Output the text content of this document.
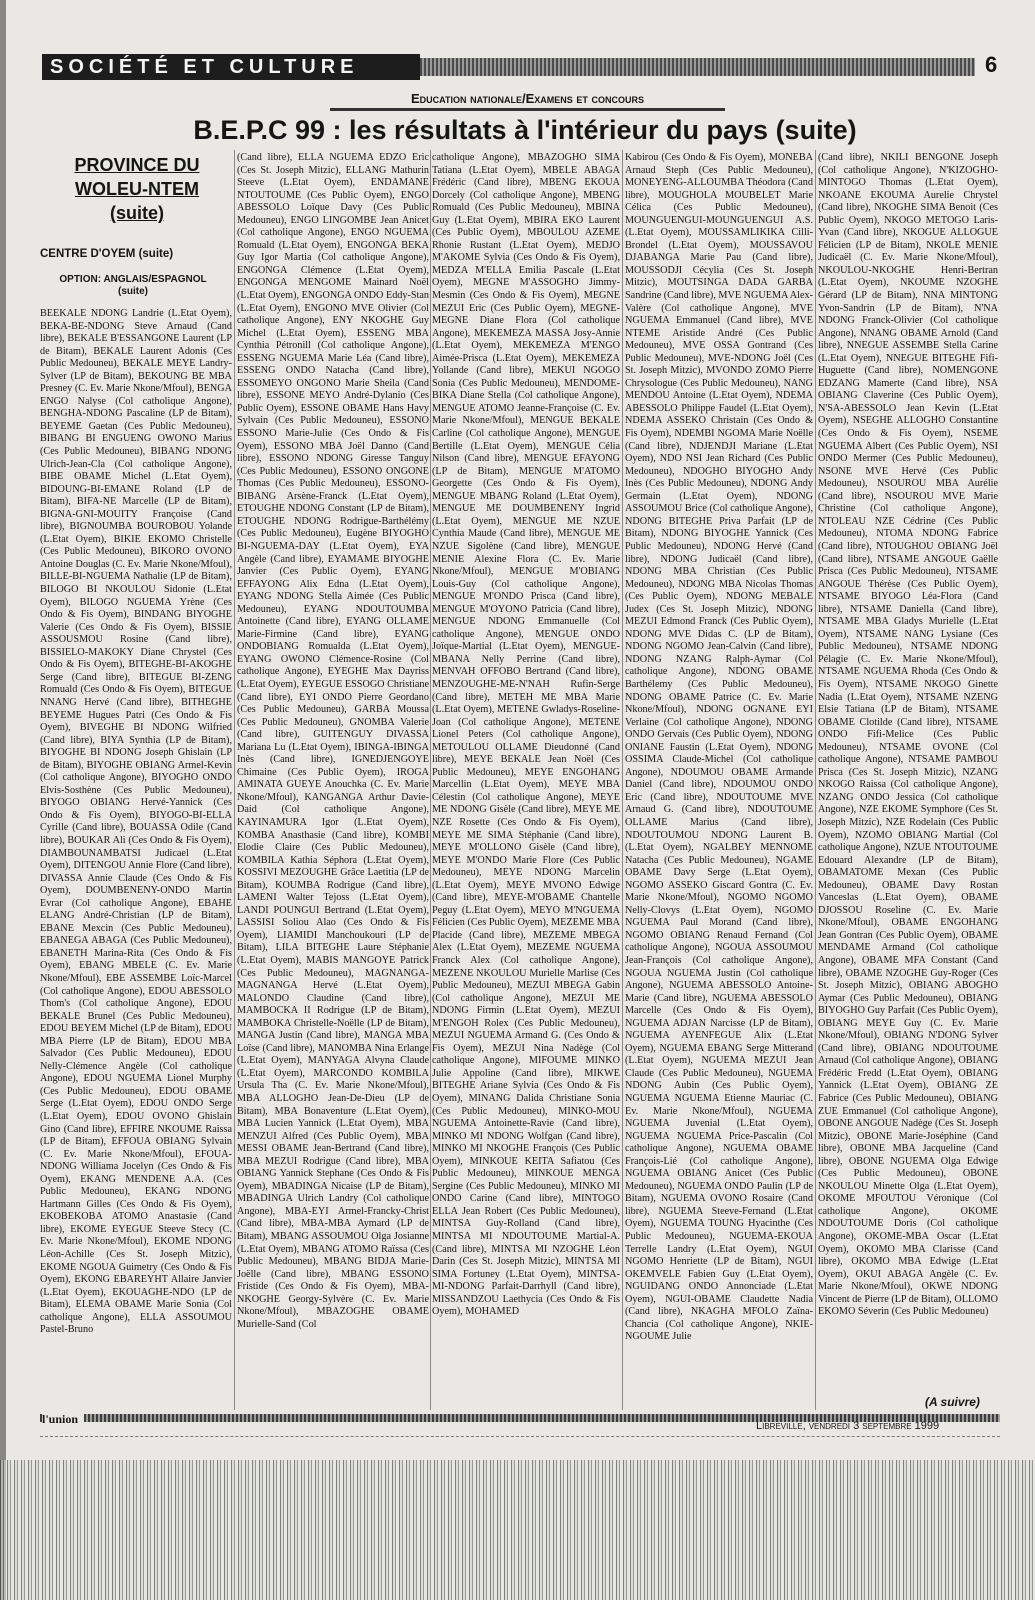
SOCIÉTÉ ET CULTURE	6
Education nationale/Examens et concours
B.E.P.C 99 : les résultats à l'intérieur du pays (suite)
PROVINCE DU WOLEU-NTEM (suite)
CENTRE D'OYEM (suite)
OPTION: ANGLAIS/ESPAGNOL (suite)
BEEKALE NDONG Landrie (L.Etat Oyem), BEKA-BE-NDONG Steve Arnaud (Cand libre), BEKALE B'ESSANGONE Laurent (LP de Bitam), BEKALE Laurent Adonis (Ces Public Medouneu), BEKALE MEYE Landry-Sylver (LP de Bitam), BEKOUNG BE MBA Presney (C. Ev. Marie Nkone/Mfoul), BENGA ENGO Nalyse (Col catholique Angone), BENGHA-NDONG Pascaline (LP de Bitam), BEYEME Gaetan (Ces Public Medouneu), BIBANG BI ENGUENG OWONO Marius (Ces Public Medouneu), BIBANG NDONG Ulrich-Jean-Cla (Col catholique Angone), BIBE OBAME Michel (L.Etat Oyem), BIDOUNG-BI-EMANE Roland (LP de Bitam), BIFA-NE Marcelle (LP de Bitam), BIGNA-GNI-MOUITY Françoise (Cand libre), BIGNOUMBA BOUROBOU Yolande (L.Etat Oyem), BIKIE EKOMO Christelle (Ces Public Medouneu), BIKORO OVONO Antoine Douglas (C. Ev. Marie Nkone/Mfoul), BILLE-BI-NGUEMA Nathalie (LP de Bitam), BILOGO BI NKOULOU Sidonie (L.Etat Oyem), BILOGO NGUEMA Yrène (Ces Ondo & Fis Oyem), BINDANG BIYOGHE Valerie (Ces Ondo & Fis Oyem), BISSIE ASSOUSMOU Rosine (Cand libre), BISSIELO-MAKOKY Diane Chrystel (Ces Ondo & Fis Oyem), BITEGHE-BI-AKOGHE Serge (Cand libre), BITEGUE BI-ZENG Romuald (Ces Ondo & Fis Oyem), BITEGUE NNANG Hervé (Cand libre), BITHEGHE BEYEME Hugues Patri (Ces Ondo & Fis Oyem), BIVEGHE BI NDONG Wilfried (Cand libre), BIYA Synthia (LP de Bitam), BIYOGHE BI NDONG Joseph Ghislain (LP de Bitam), BIYOGHE OBIANG Armel-Kevin (Col catholique Angone), BIYOGHO ONDO Elvis-Sosthène (Ces Public Medouneu), BIYOGO OBIANG Hervé-Yannick (Ces Ondo & Fis Oyem), BIYOGO-BI-ELLA Cyrille (Cand libre), BOUASSA Odile (Cand libre), BOUKAR Ali (Ces Ondo & Fis Oyem), DIAMBOUNAMBATSI Judicael (L.Etat Oyem), DITENGOU Annie Flore (Cand libre), DIVASSA Annie Claude (Ces Ondo & Fis Oyem), DOUMBENENY-ONDO Martin Evrar (Col catholique Angone), EBAHE ELANG André-Christian (LP de Bitam), EBANE Mexcin (Ces Public Medouneu), EBANEGA ABAGA (Ces Public Medouneu), EBANETH Marina-Rita (Ces Ondo & Fis Oyem), EBANG MBELE (C. Ev. Marie Nkone/Mfoul), EBE ASSEMBE Loïc-Marcel (Col catholique Angone), EDOU ABESSOLO Thom's (Col catholique Angone), EDOU BEKALE Brunel (Ces Public Medouneu), EDOU BEYEM Michel (LP de Bitam), EDOU MBA Pierre (LP de Bitam), EDOU MBA Salvador (Ces Public Medouneu), EDOU Nelly-Clémence Angèle (Col catholique Angone), EDOU NGUEMA Lionel Murphy (Ces Public Medouneu), EDOU OBAME Serge (L.Etat Oyem), EDOU ONDO Serge (L.Etat Oyem), EDOU OVONO Ghislain Gino (Cand libre), EFFIRE NKOUME Raissa (LP de Bitam), EFFOUA OBIANG Sylvain (C. Ev. Marie Nkone/Mfoul), EFOUA-NDONG Williama Jocelyn (Ces Ondo & Fis Oyem), EKANG MENDENE A.A. (Ces Public Medouneu), EKANG NDONG Hartmann Gilles (Ces Ondo & Fis Oyem), EKOBEKOBA ATOMO Anastasie (Cand libre), EKOME EYEGUE Steeve Stecy (C. Ev. Marie Nkone/Mfoul), EKOME NDONG Léon-Achille (Ces St. Joseph Mitzic), EKOME NGOUA Guimetry (Ces Ondo & Fis Oyem), EKONG EBAREYHT Allaire Janvier (L.Etat Oyem), EKOUAGHE-NDO (LP de Bitam), ELEMA OBAME Marie Sonia (Col catholique Angone), ELLA ASSOUMOU Pastel-Bruno
(Cand libre), ELLA NGUEMA EDZO Eric (Ces St. Joseph Mitzic), ELLANG Mathurin Steeve (L.Etat Oyem), ENDAMANE NTOUTOUME (Ces Public Oyem), ENGO ABESSOLO Loïque Davy (Ces Public Medouneu), ENGO LINGOMBE Jean Anicet (Col catholique Angone), ENGO NGUEMA Romuald (L.Etat Oyem), ENGONGA BEKA Guy Igor Martia (Col catholique Angone), ENGONGA Clémence (L.Etat Oyem), ENGONGA MENGOME Mainard Noël (L.Etat Oyem), ENGONGA ONDO Eddy-Stan (L.Etat Oyem), ENGONO MVE Olivier (Col catholique Angone), ENY NKOGHE Guy Michel (L.Etat Oyem), ESSENG MBA Cynthia Pétronill (Col catholique Angone), ESSENG NGUEMA Marie Léa (Cand libre), ESSENG ONDO Natacha (Cand libre), ESSOMEYO ONGONO Marie Sheila (Cand libre), ESSONE MEYO André-Dylanio (Ces Public Oyem), ESSONE OBAME Hans Havy Sylvain (Ces Public Medouneu), ESSONO ESSONO Marie-Julie (Ces Ondo & Fis Oyem), ESSONO MBA Joël Danno (Cand libre), ESSONO NDONG Giresse Tanguy (Ces Public Medouneu), ESSONO ONGONE Thomas (Ces Public Medouneu), ESSONO-BIBANG Arsène-Franck (L.Etat Oyem), ETOUGHE NDONG Constant (LP de Bitam), ETOUGHE NDONG Rodrigue-Barthélémy (Ces Public Medouneu), Eugène BIYOGHO BI-NGUEMA-DAY (L.Etat Oyem), EYA Angèle (Cand libre), EYAMAME BIYOGHE Janvier (Ces Public Oyem), EYANG EFFAYONG Alix Edna (L.Etat Oyem), EYANG NDONG Stella Aimée (Ces Public Medouneu), EYANG NDOUTOUMBA Antoinette (Cand libre), EYANG OLLAME Marie-Firmine (Cand libre), EYANG ONDOBIANG Romualda (L.Etat Oyem), EYANG OWONO Clémence-Rosine (Col catholique Angone), EYEGHE Max Dayriss (L.Etat Oyem), EYEGUE ESSOGO Christiane (Cand libre), EYI ONDO Pierre Geordano (Ces Public Medouneu), GARBA Moussa (Ces Public Medouneu), GNOMBA Valerie (Cand libre), GUITENGUY DIVASSA Mariana Lu (L.Etat Oyem), IBINGA-IBINGA Inès (Cand libre), IGNEDJENGOYE Chimaine (Ces Public Oyem), IROGA AMINATA GUEYE Anouchka (C. Ev. Marie Nkone/Mfoul), KANGANGA Arthur Davie-Daid (Col catholique Angone), KAYINAMURA Igor (L.Etat Oyem), KOMBA Anasthasie (Cand libre), KOMBI Elodie Claire (Ces Public Medouneu), KOMBILA Kathia Séphora (L.Etat Oyem), KOSSIVI MEZOUGHE Grâce Laetitia (LP de Bitam), KOUMBA Rodrigue (Cand libre), LAMENI Walter Tejoss (L.Etat Oyem), LANDI POUNGUI Bertrand (L.Etat Oyem), LASSISI Soliou Alao (Ces Ondo & Fis Oyem), LIAMIDI Manchoukouri (LP de Bitam), LILA BITEGHE Laure Stéphanie (L.Etat Oyem), MABIS MANGOYE Patrick (Ces Public Medouneu), MAGNANGA-MAGNANGA Hervé (L.Etat Oyem), MALONDO Claudine (Cand libre), MAMBOCKA II Rodrigue (LP de Bitam), MAMBOKA Christelle-Noëlle (LP de Bitam), MANGA Justin (Cand libre), MANGA MBA Loïse (Cand libre), MANOMBA Nina Erlange (L.Etat Oyem), MANYAGA Alvyna Claude (L.Etat Oyem), MARCONDO KOMBILA Ursula Tha (C. Ev. Marie Nkone/Mfoul), MBA ALLOGHO Jean-De-Dieu (LP de Bitam), MBA Bonaventure (L.Etat Oyem), MBA Lucien Yannick (L.Etat Oyem), MBA MENZUI Alfred (Ces Public Oyem), MBA MESSI OBAME Jean-Bertrand (Cand libre), MBA MEZUI Rodrigue (Cand libre), MBA OBIANG Yannick Stephane (Ces Ondo & Fis Oyem), MBADINGA Nicaise (LP de Bitam), MBADINGA Ulrich Landry (Col catholique Angone), MBA-EYI Armel-Francky-Christ (Cand libre), MBA-MBA Aymard (LP de Bitam), MBANG ASSOUMOU Olga Josianne (L.Etat Oyem), MBANG ATOMO Raïssa (Ces Public Medouneu), MBANG BIDJA Marie-Joëlle (Cand libre), MBANG ESSONO Fristide (Ces Ondo & Fis Oyem), MBA-NKOGHE Georgy-Sylvère (C. Ev. Marie Nkone/Mfoul), MBAZOGHE OBAME Murielle-Sand (Col
catholique Angone), MBAZOGHO SIMA Tatiana (L.Etat Oyem), MBELE ABAGA Frédéric (Cand libre), MBENG EKOUA Dorcely (Col catholique Angone), MBENG Romuald (Ces Public Medouneu), MBINA Guy (L.Etat Oyem), MBIRA EKO Laurent (Ces Public Oyem), MBOULOU AZEME Rhonie Rustant (L.Etat Oyem), MEDJO M'AKOME Sylvia (Ces Ondo & Fis Oyem), MEDZA M'ELLA Emilia Pascale (L.Etat Oyem), MEGNE M'ASSOGHO Jimmy-Mesmin (Ces Ondo & Fis Oyem), MEGNE MEZUI Eric (Ces Public Oyem), MEGNE-MEGNE Diane Flora (Col catholique Angone), MEKEMEZA MASSA Josy-Annie (L.Etat Oyem), MEKEMEZA M'ENGO Aimée-Prisca (L.Etat Oyem), MEKEMEZA Yollande (Cand libre), MEKUI NGOGO Sonia (Ces Public Medouneu), MENDOME-BIKA Diane Stella (Col catholique Angone), MENGUE ATOMO Jeanne-Françoise (C. Ev. Marie Nkone/Mfoul), MENGUE BEKALE Carline (Col catholique Angone), MENGUE Bertille (L.Etat Oyem), MENGUE Célia Nilson (Cand libre), MENGUE EFAYONG (LP de Bitam), MENGUE M'ATOMO Georgette (Ces Ondo & Fis Oyem), MENGUE MBANG Roland (L.Etat Oyem), MENGUE ME DOUMBENENY Ingrid (L.Etat Oyem), MENGUE ME NZUE Cynthia Maude (Cand libre), MENGUE ME NZUE Sigolène (Cand libre), MENGUE MENIE Alexine Flora (C. Ev. Marie Nkone/Mfoul), MENGUE M'OBIANG Louis-Guy (Col catholique Angone), MENGUE M'ONDO Prisca (Cand libre), MENGUE M'OYONO Patricia (Cand libre), MENGUE NDONG Emmanuelle (Col catholique Angone), MENGUE ONDO Joïque-Martial (L.Etat Oyem), MENGUE-MBANA Nelly Perrine (Cand libre), MENVAH OFFOBO Bertrand (Cand libre), MENZOUGHE-ME-N'NAH Rufin-Serge (Cand libre), METEH ME MBA Marie (L.Etat Oyem), METENE Gwladys-Roseline-Joan (Col catholique Angone), METENE Lionel Peters (Col catholique Angone), METOULOU OLLAME Dieudonné (Cand libre), MEYE BEKALE Jean Noël (Ces Public Medouneu), MEYE ENGOHANG Marcellin (L.Etat Oyem), MEYE MBA Célestin (Col catholique Angone), MEYE ME NDONG Gisèle (Cand libre), MEYE ME NZE Rosette (Ces Ondo & Fis Oyem), MEYE ME SIMA Stéphanie (Cand libre), MEYE M'OLLONO Gisèle (Cand libre), MEYE M'ONDO Marie Flore (Ces Public Medouneu), MEYE NDONG Marcelin (L.Etat Oyem), MEYE MVONO Edwige (Cand libre), MEYE-M'OBAME Chantelle Peguy (L.Etat Oyem), MEYO M'NGUEMA Félicien (Ces Public Oyem), MEZEME MBA Placide (Cand libre), MEZEME MBEGA Alex (L.Etat Oyem), MEZEME NGUEMA Franck Alex (Col catholique Angone), MEZENE NKOULOU Murielle Marlise (Ces Public Medouneu), MEZUI MBEGA Gabin (Col catholique Angone), MEZUI ME NDONG Firmin (L.Etat Oyem), MEZUI M'ENGOH Rolex (Ces Public Medouneu), MEZUI NGUEMA Armand G. (Ces Ondo & Fis Oyem), MEZUI Nina Nadège (Col catholique Angone), MIFOUME MINKO Julie Appoline (Cand libre), MIKWE BITEGHE Ariane Sylvia (Ces Ondo & Fis Oyem), MINANG Dalida Christiane Sonia (Ces Public Medouneu), MINKO-MOU NGUEMA Antoinette-Ravie (Cand libre), MINKO MI NDONG Wolfgan (Cand libre), MINKO MI NKOGHE François (Ces Public Oyem), MINKOUE KEITA Safiatou (Ces Public Medouneu), MINKOUE MENGA Sergine (Ces Public Medouneu), MINKO MI ONDO Carine (Cand libre), MINTOGO ELLA Jean Robert (Ces Public Medouneu), MINTSA Guy-Rolland (Cand libre), MINTSA MI NDOUTOUME Martial-A. (Cand libre), MINTSA MI NZOGHE Léon Darin (Ces St. Joseph Mitzic), MINTSA MI SIMA Fortuney (L.Etat Oyem), MINTSA-MI-NDONG Parfait-Darrhyll (Cand libre), MISSANDZOU Laethycia (Ces Ondo & Fis Oyem), MOHAMED
Kabirou (Ces Ondo & Fis Oyem), MONEBA Arnaud Steph (Ces Public Medouneu), MONEYENG-ALLOUMBA Théodora (Cand libre), MOUGHOLA MOUBELET Marie Célica (Ces Public Medouneu), MOUNGUENGUI-MOUNGUENGUI A.S. (L.Etat Oyem), MOUSSAMLIKIKA Cilli-Brondel (L.Etat Oyem), MOUSSAVOU DJABANGA Marie Pau (Cand libre), MOUSSODJI Cécylia (Ces St. Joseph Mitzic), MOUTSINGA DADA GARBA Sandrine (Cand libre), MVE NGUEMA Alex-Valère (Col catholique Angone), MVE NGUEMA Emmanuel (Cand libre), MVE NTEME Aristide André (Ces Public Medouneu), MVE OSSA Gontrand (Ces Public Medouneu), MVE-NDONG Joël (Ces St. Joseph Mitzic), MVONDO ZOMO Pierre Chrysologue (Ces Public Medouneu), NANG MENDOU Antoine (L.Etat Oyem), NDEMA ABESSOLO Philippe Faudel (L.Etat Oyem), NDEMA ASSEKO Christain (Ces Ondo & Fis Oyem), NDEMBI NGOMA Marie Noëlle (Cand libre), NDJENDJI Mariane (L.Etat Oyem), NDO NSI Jean Richard (Ces Public Medouneu), NDOGHO BIYOGHO Andy Inès (Ces Public Medouneu), NDONG Andy Germain (L.Etat Oyem), NDONG ASSOUMOU Brice (Col catholique Angone), NDONG BITEGHE Priva Parfait (LP de Bitam), NDONG BIYOGHE Yannick (Ces Public Medouneu), NDONG Hervé (Cand libre), NDONG Judicaël (Cand libre), NDONG MBA Christian (Ces Public Medouneu), NDONG MBA Nicolas Thomas (Ces Public Oyem), NDONG MEBALE Judex (Ces St. Joseph Mitzic), NDONG MEZUI Edmond Franck (Ces Public Oyem), NDONG MVE Didas C. (LP de Bitam), NDONG NGOMO Jean-Calvin (Cand libre), NDONG NZANG Ralph-Aymar (Col catholique Angone), NDONG OBAME Barthélemy (Ces Public Medouneu), NDONG OBAME Patrice (C. Ev. Marie Nkone/Mfoul), NDONG OGNANE EYI Verlaine (Col catholique Angone), NDONG ONDO Gervais (Ces Public Oyem), NDONG ONIANE Faustin (L.Etat Oyem), NDONG OSSIMA Claude-Michel (Col catholique Angone), NDOUMOU OBAME Armande Daniel (Cand libre), NDOUMOU ONDO Eric (Cand libre), NDOUTOUME MVE Arnaud G. (Cand libre), NDOUTOUME OLLAME Marius (Cand libre), NDOUTOUMOU NDONG Laurent B. (L.Etat Oyem), NGALBEY MENNOME Natacha (Ces Public Medouneu), NGAME OBAME Davy Serge (L.Etat Oyem), NGOMO ASSEKO Giscard Gontra (C. Ev. Marie Nkone/Mfoul), NGOMO NGOMO Nelly-Clovys (L.Etat Oyem), NGOMO NGUEMA Paul Morand (Cand libre), NGOMO OBIANG Renaud Fernand (Col catholique Angone), NGOUA ASSOUMOU Jean-François (Col catholique Angone), NGOUA NGUEMA Justin (Col catholique Angone), NGUEMA ABESSOLO Antoine-Marie (Cand libre), NGUEMA ABESSOLO Marcelle (Ces Ondo & Fis Oyem), NGUEMA ADJAN Narcisse (LP de Bitam), NGUEMA AYENFEGUE Alix (L.Etat Oyem), NGUEMA EBANG Serge Mitterand (L.Etat Oyem), NGUEMA MEZUI Jean Claude (Ces Public Medouneu), NGUEMA NDONG Aubin (Ces Public Oyem), NGUEMA NGUEMA Etienne Mauriac (C. Ev. Marie Nkone/Mfoul), NGUEMA NGUEMA Juvenial (L.Etat Oyem), NGUEMA NGUEMA Price-Pascalin (Col catholique Angone), NGUEMA OBAME François-Lié (Col catholique Angone), NGUEMA OBIANG Anicet (Ces Public Medouneu), NGUEMA ONDO Paulin (LP de Bitam), NGUEMA OVONO Rosaire (Cand libre), NGUEMA Steeve-Fernand (L.Etat Oyem), NGUEMA TOUNG Hyacinthe (Ces Public Medouneu), NGUEMA-EKOUA Terrelle Landry (L.Etat Oyem), NGUI NGOMO Henriette (LP de Bitam), NGUI OKEMVELE Fabien Guy (L.Etat Oyem), NGUIDANG ONDO Annonciade (L.Etat Oyem), NGUI-OBAME Claudette Nadia (Cand libre), NKAGHA MFOLO Zaïna-Chancia (Col catholique Angone), NKIE-NGOUME Julie
(Cand libre), NKILI BENGONE Joseph (Col catholique Angone), N'KIZOGHO-MINTOGO Thomas (L.Etat Oyem), NKOANE EKOUMA Aurelie Chrystel (Cand libre), NKOGHE SIMA Benoit (Ces Public Oyem), NKOGO METOGO Laris-Yvan (Cand libre), NKOGUE ALLOGUE Félicien (LP de Bitam), NKOLE MENIE Judicaël (C. Ev. Marie Nkone/Mfoul), NKOULOU-NKOGHE Henri-Bertran (L.Etat Oyem), NKOUME NZOGHE Gérard (LP de Bitam), NNA MINTONG Yvon-Sandrin (LP de Bitam), N'NA NDONG Franck-Olivier (Col catholique Angone), NNANG OBAME Arnold (Cand libre), NNEGUE ASSEMBE Stella Carine (L.Etat Oyem), NNEGUE BITEGHE Fifi-Huguette (Cand libre), NOMENGONE EDZANG Mamerte (Cand libre), NSA OBIANG Claverine (Ces Public Oyem), N'SA-ABESSOLO Jean Kevin (L.Etat Oyem), NSEGHE ALLOGHO Constantine (Ces Ondo & Fis Oyem), NSEME NGUEMA Albert (Ces Public Oyem), NSI ONDO Mermer (Ces Public Medouneu), NSONE MVE Hervé (Ces Public Medouneu), NSOUROU MBA Aurélie (Cand libre), NSOUROU MVE Marie Christine (Col catholique Angone), NTOLEAU NZE Cédrine (Ces Public Medouneu), NTOMA NDONG Fabrice (Cand libre), NTOUGHOU OBIANG Joël (Cand libre), NTSAME ANGOUE Gaëlle Prisca (Ces Public Medouneu), NTSAME ANGOUE Thérèse (Ces Public Oyem), NTSAME BIYOGO Léa-Flora (Cand libre), NTSAME Daniella (Cand libre), NTSAME MBA Gladys Murielle (L.Etat Oyem), NTSAME NANG Lysiane (Ces Public Medouneu), NTSAME NDONG Pélagie (C. Ev. Marie Nkone/Mfoul), NTSAME NGUEMA Rhoda (Ces Ondo & Fis Oyem), NTSAME NKOGO Ginette Nadia (L.Etat Oyem), NTSAME NZENG Elsie Tatiana (LP de Bitam), NTSAME OBAME Clotilde (Cand libre), NTSAME ONDO Fifi-Melice (Ces Public Medouneu), NTSAME OVONE (Col catholique Angone), NTSAME PAMBOU Prisca (Ces St. Joseph Mitzic), NZANG NKOGO Raissa (Col catholique Angone), NZANG ONDO Jessica (Col catholique Angone), NZE EKOME Symphore (Ces St. Joseph Mitzic), NZE Rodelain (Ces Public Oyem), NZOMO OBIANG Martial (Col catholique Angone), NZUE NTOUTOUME Edouard Alexandre (LP de Bitam), OBAMATOME Mexan (Ces Public Medouneu), OBAME Davy Rostan Vanceslas (L.Etat Oyem), OBAME DJOSSOU Roseline (C. Ev. Marie Nkone/Mfoul), OBAME ENGOHANG Jean Gontran (Ces Public Oyem), OBAME MENDAME Armand (Col catholique Angone), OBAME MFA Constant (Cand libre), OBAME NZOGHE Guy-Roger (Ces St. Joseph Mitzic), OBIANG ABOGHO Aymar (Ces Public Medouneu), OBIANG BIYOGHO Guy Parfait (Ces Public Oyem), OBIANG MEYE Guy (C. Ev. Marie Nkone/Mfoul), OBIANG N'DONG Sylver (Cand libre), OBIANG NDOUTOUME Arnaud (Col catholique Angone), OBIANG Frédéric Fredd (L.Etat Oyem), OBIANG Yannick (L.Etat Oyem), OBIANG ZE Fabrice (Ces Public Medouneu), OBIANG ZUE Emmanuel (Col catholique Angone), OBONE ANGOUE Nadège (Ces St. Joseph Mitzic), OBONE Marie-Joséphine (Cand libre), OBONE MBA Jacqueline (Cand libre), OBONE NGUEMA Olga Edwige (Ces Public Medouneu), OBONE NKOULOU Minette Olga (L.Etat Oyem), OKOME MFOUTOU Véronique (Col catholique Angone), OKOME NDOUTOUME Doris (Col catholique Angone), OKOME-MBA Oscar (L.Etat Oyem), OKOMO MBA Clarisse (Cand libre), OKOMO MBA Edwige (L.Etat Oyem), OKUI ABAGA Angèle (C. Ev. Marie Nkone/Mfoul), OKWE NDONG Vincent de Pierre (LP de Bitam), OLLOMO EKOMO Séverin (Ces Public Medouneu)
(A suivre)
l'union	Libreville, vendredi 3 septembre 1999
